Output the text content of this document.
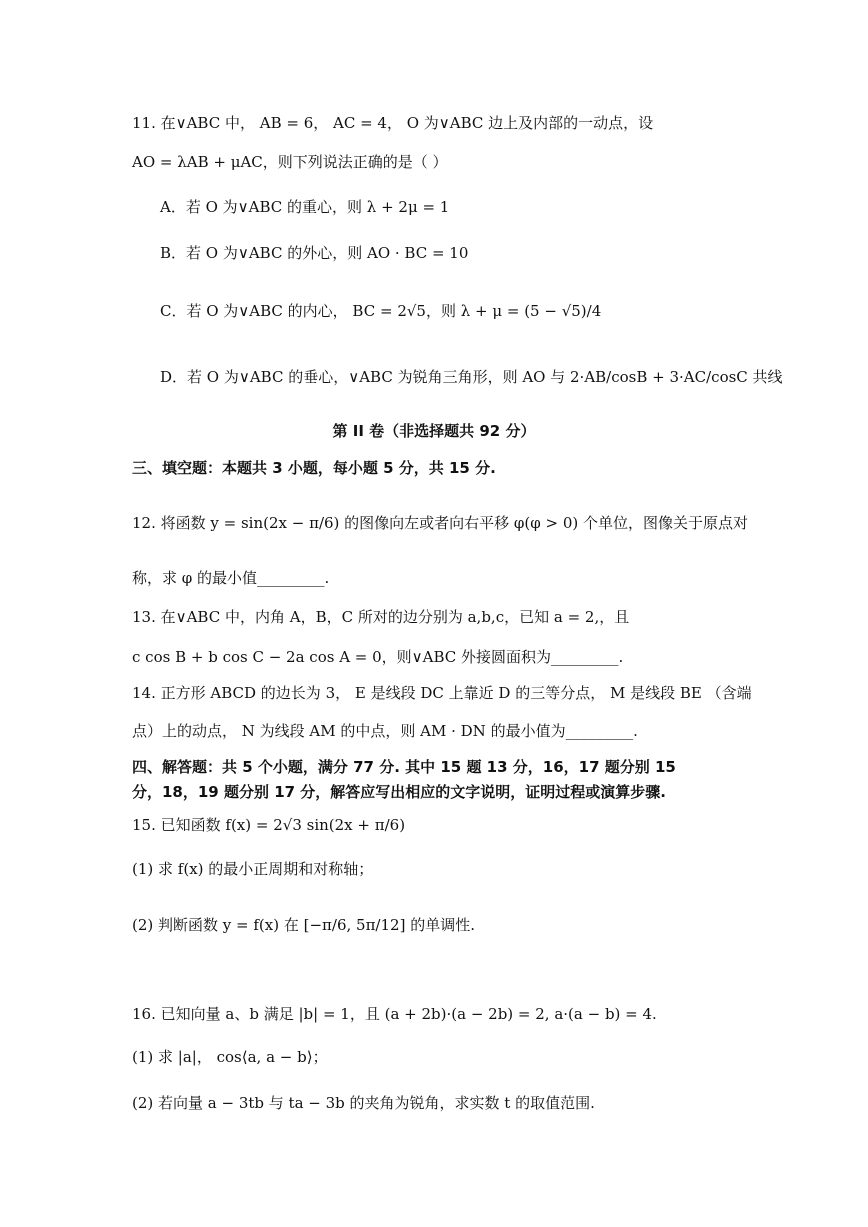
11. 在∨ABC 中， AB = 6， AC = 4， O 为∨ABC 边上及内部的一动点，设
AO = λAB + μAC，则下列说法正确的是（ ）
A．若 O 为∨ABC 的重心，则 λ + 2μ = 1
B．若 O 为∨ABC 的外心，则 AO · BC = 10
C．若 O 为∨ABC 的内心， BC = 2√5，则 λ + μ = (5 − √5)/4
D．若 O 为∨ABC 的垂心，∨ABC 为锐角三角形，则 AO 与 2·AB/cosB + 3·AC/cosC 共线
第 II 卷（非选择题共 92 分）
三、填空题：本题共 3 小题，每小题 5 分，共 15 分.
12. 将函数 y = sin(2x − π/6) 的图像向左或者向右平移 φ(φ > 0) 个单位，图像关于原点对
称，求 φ 的最小值_________.
13. 在∨ABC 中，内角 A，B，C 所对的边分别为 a,b,c，已知 a = 2,，且
c cos B + b cos C − 2a cos A = 0，则∨ABC 外接圆面积为_________.
14. 正方形 ABCD 的边长为 3， E 是线段 DC 上靠近 D 的三等分点， M 是线段 BE （含端
点）上的动点， N 为线段 AM 的中点，则 AM · DN 的最小值为_________.
四、解答题：共 5 个小题，满分 77 分. 其中 15 题 13 分，16，17 题分别 15
分，18，19 题分别 17 分，解答应写出相应的文字说明，证明过程或演算步骤.
15. 已知函数 f(x) = 2√3 sin(2x + π/6)
(1) 求 f(x) 的最小正周期和对称轴；
(2) 判断函数 y = f(x) 在 [−π/6, 5π/12] 的单调性.
16. 已知向量 a、b 满足 |b| = 1，且 (a + 2b)·(a − 2b) = 2, a·(a − b) = 4.
(1) 求 |a|， cos⟨a, a − b⟩；
(2) 若向量 a − 3tb 与 ta − 3b 的夹角为锐角，求实数 t 的取值范围.
